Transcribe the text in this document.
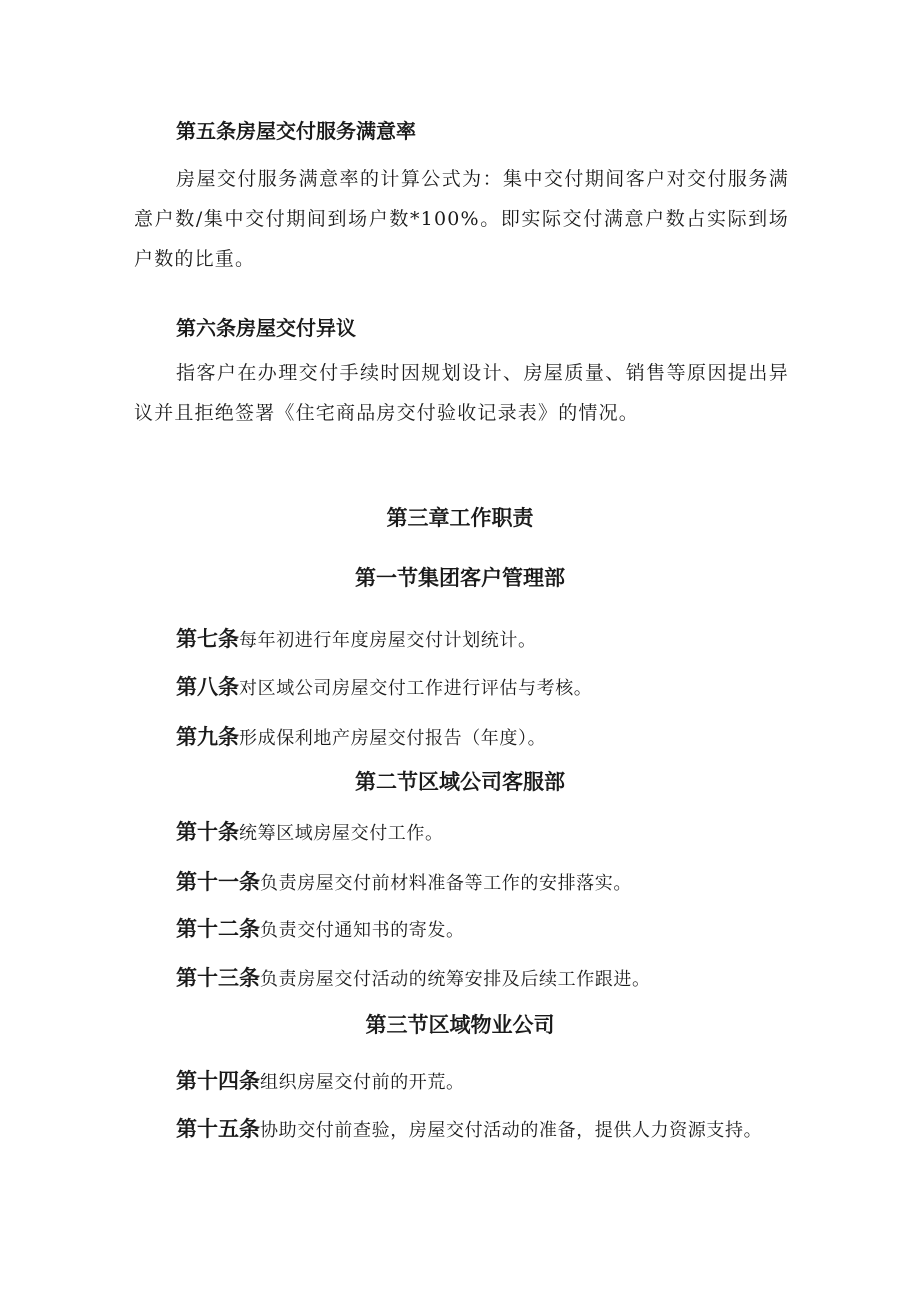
第五条房屋交付服务满意率

房屋交付服务满意率的计算公式为：集中交付期间客户对交付服务满意户数/集中交付期间到场户数*100%。即实际交付满意户数占实际到场户数的比重。

第六条房屋交付异议

指客户在办理交付手续时因规划设计、房屋质量、销售等原因提出异议并且拒绝签署《住宅商品房交付验收记录表》的情况。

第三章工作职责
第一节集团客户管理部

第七条每年初进行年度房屋交付计划统计。

第八条对区域公司房屋交付工作进行评估与考核。

第九条形成保利地产房屋交付报告（年度）。

第二节区域公司客服部

第十条统筹区域房屋交付工作。

第十一条负责房屋交付前材料准备等工作的安排落实。

第十二条负责交付通知书的寄发。

第十三条负责房屋交付活动的统筹安排及后续工作跟进。

第三节区域物业公司

第十四条组织房屋交付前的开荒。

第十五条协助交付前查验，房屋交付活动的准备，提供人力资源支持。
